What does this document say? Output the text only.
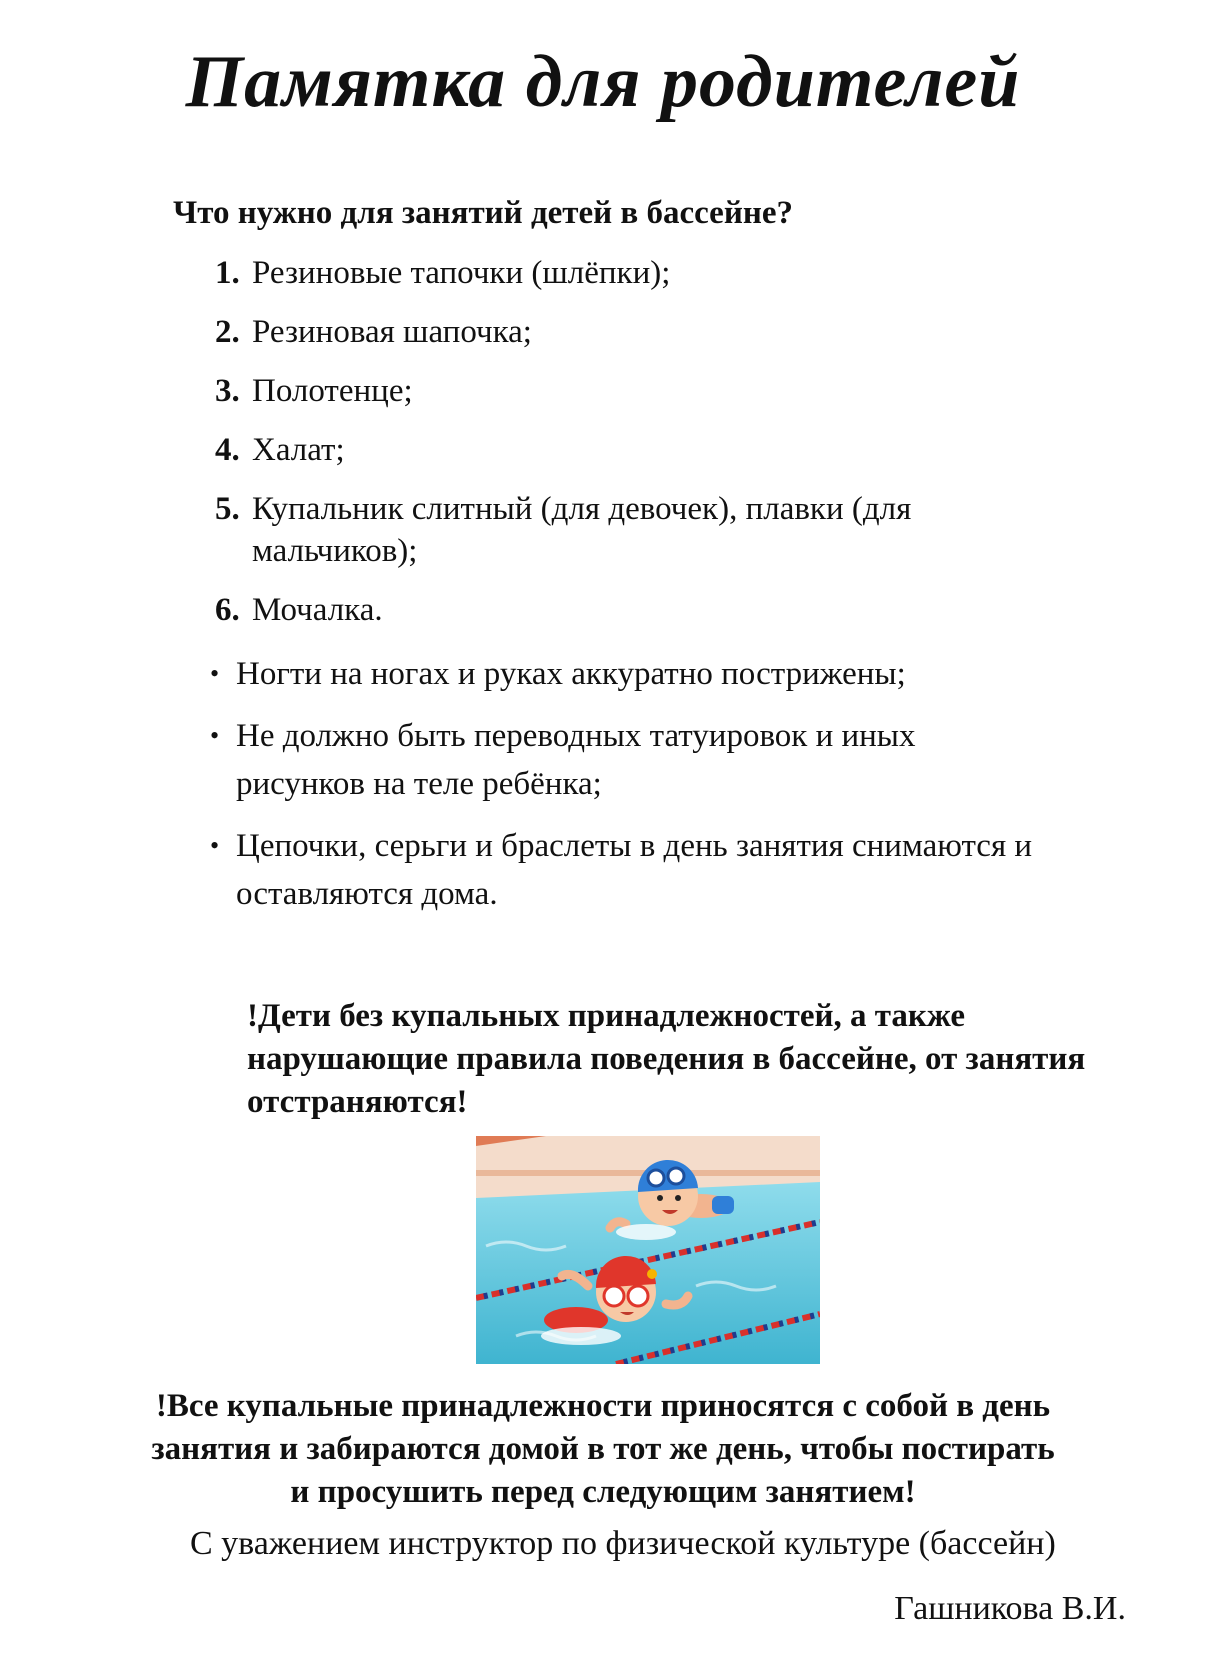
Памятка для родителей

Что нужно для занятий детей в бассейне?

1. Резиновые тапочки (шлёпки);
2. Резиновая шапочка;
3. Полотенце;
4. Халат;
5. Купальник слитный (для девочек), плавки (для мальчиков);
6. Мочалка.
• Ногти на ногах и руках аккуратно пострижены;
• Не должно быть переводных татуировок и иных рисунков на теле ребёнка;
• Цепочки, серьги и браслеты в день занятия снимаются и оставляются дома.

!Дети без купальных принадлежностей, а также нарушающие правила поведения в бассейне, от занятия отстраняются!

!Все купальные принадлежности приносятся с собой в день занятия и забираются домой в тот же день, чтобы постирать и просушить перед следующим занятием!

С уважением инструктор по физической культуре (бассейн)

Гашникова В.И.
